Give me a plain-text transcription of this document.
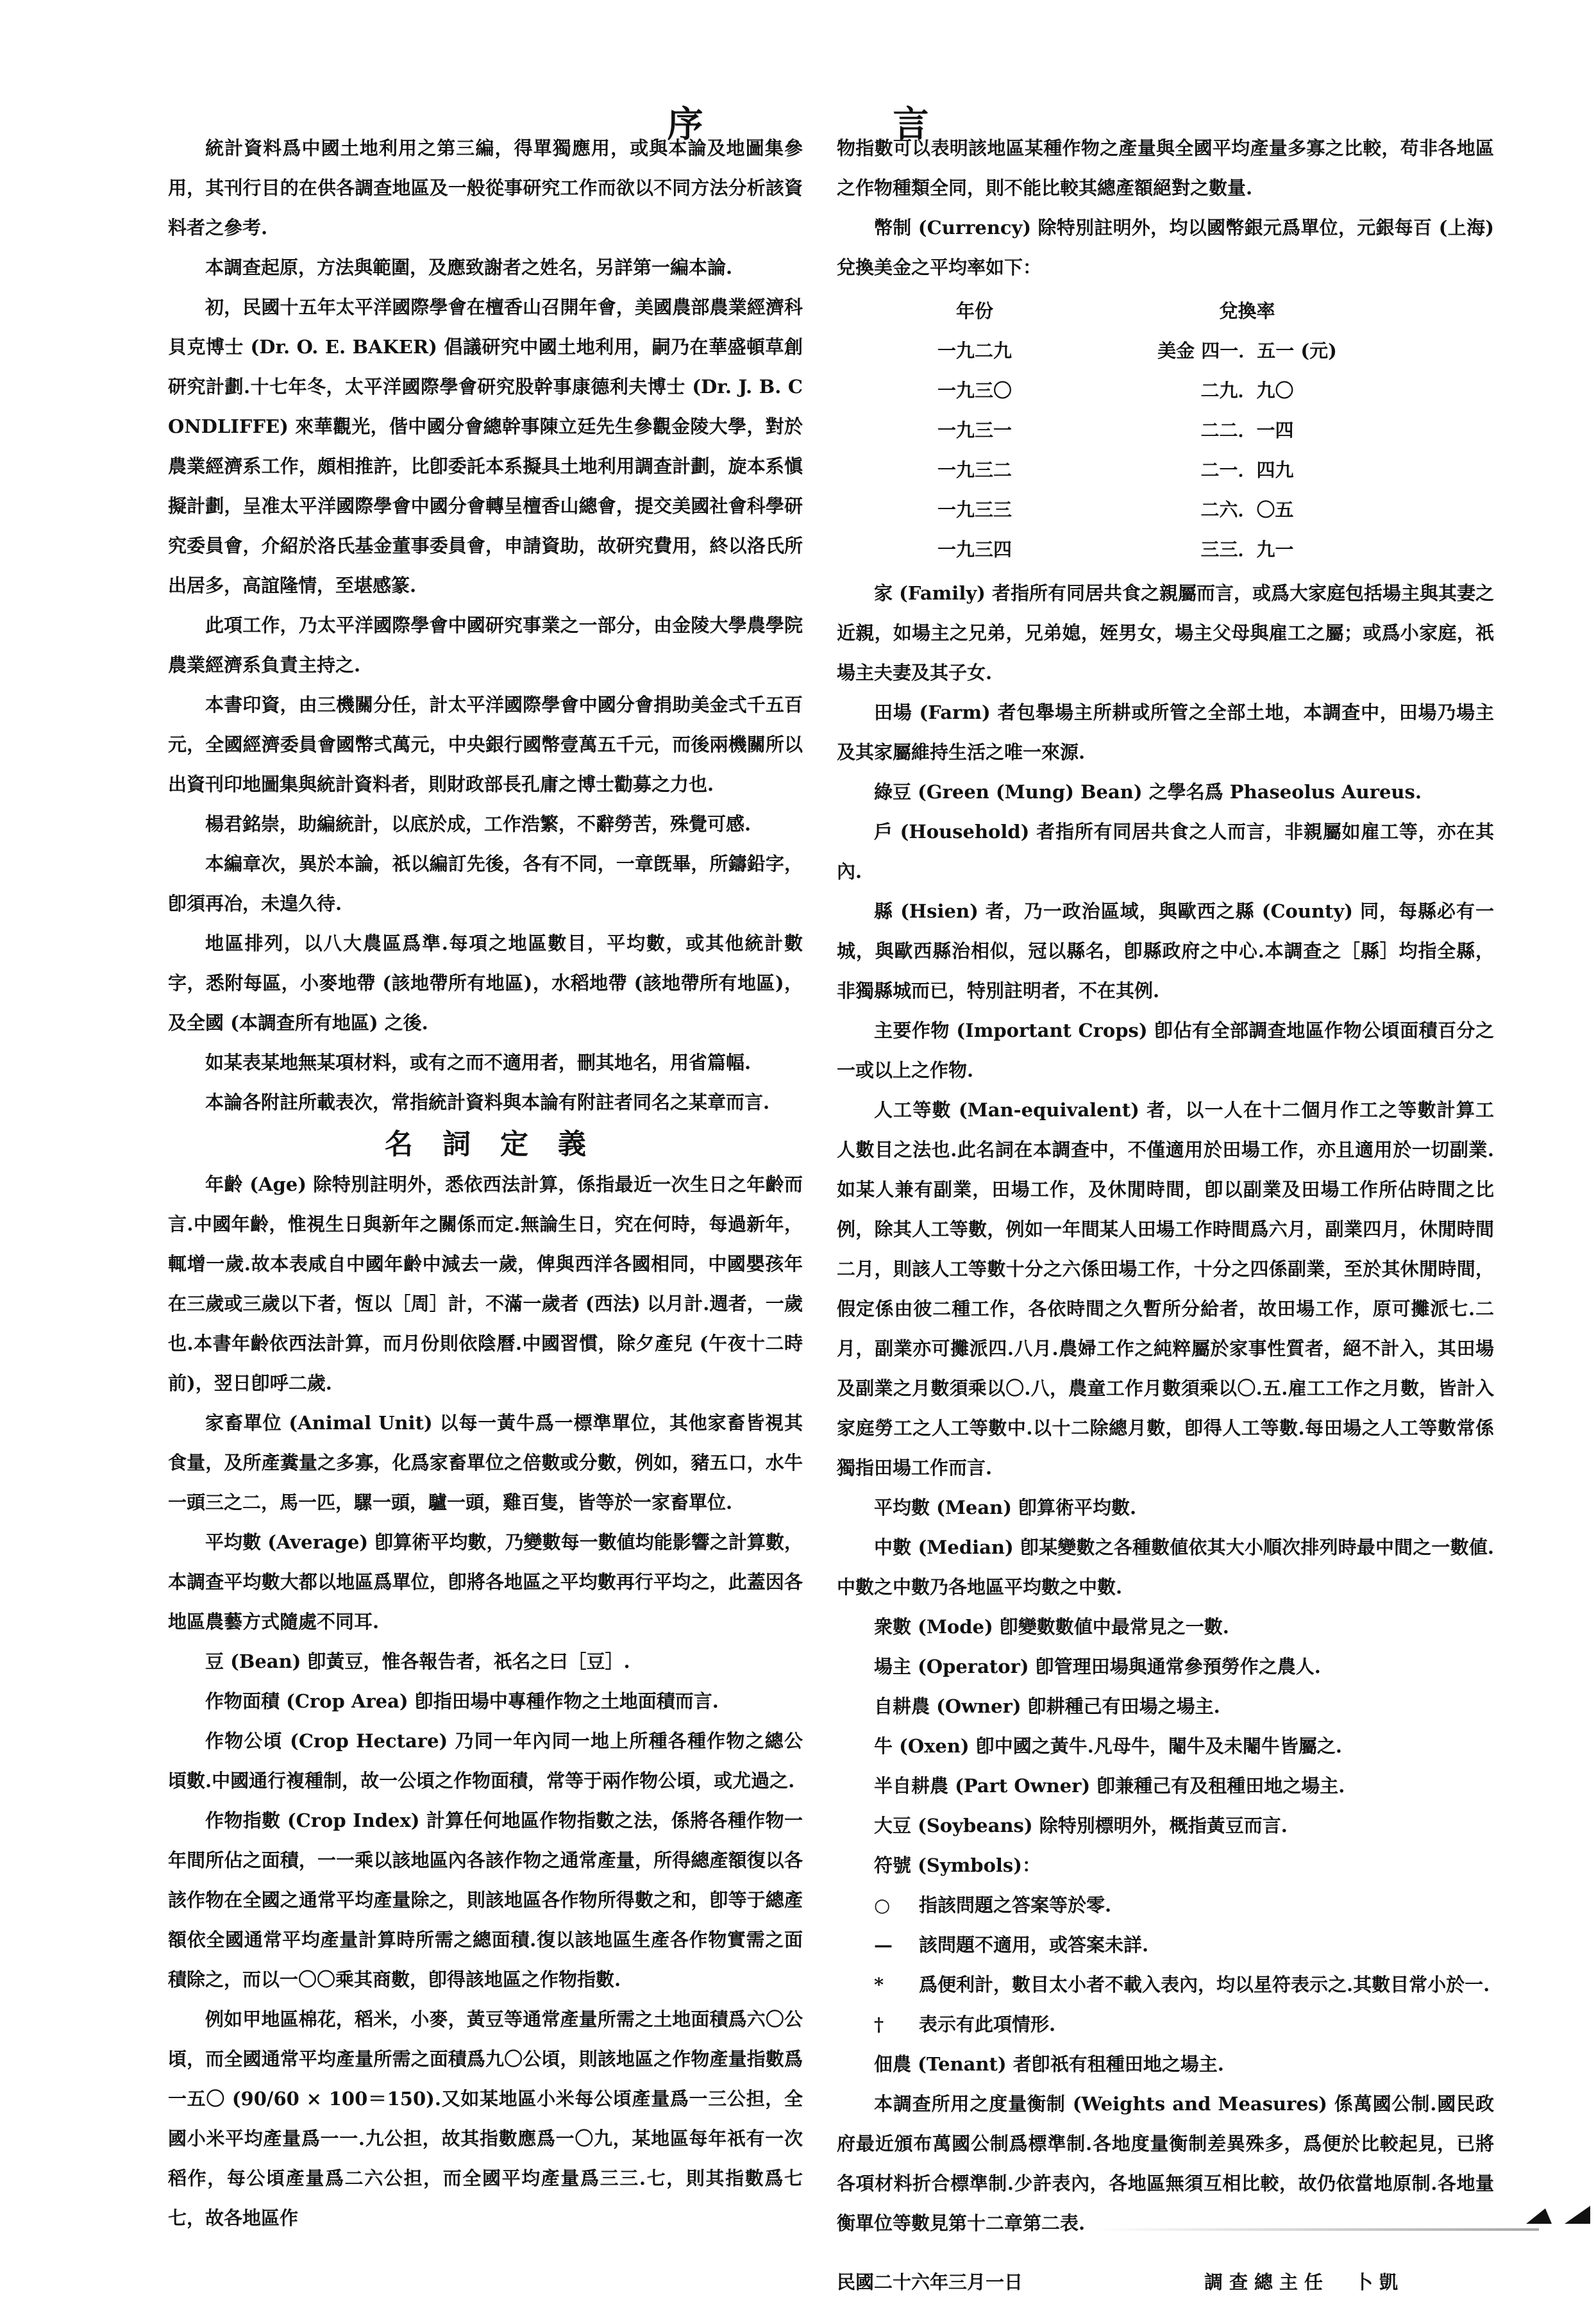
序　言

統計資料爲中國土地利用之第三編，得單獨應用，或與本論及地圖集參用，其刊行目的在供各調查地區及一般從事研究工作而欲以不同方法分析該資料者之參考.

本調查起原，方法與範圍，及應致謝者之姓名，另詳第一編本論.

初，民國十五年太平洋國際學會在檀香山召開年會，美國農部農業經濟科貝克博士 (Dr. O. E. BAKER) 倡議研究中國土地利用，嗣乃在華盛頓草創研究計劃.十七年冬，太平洋國際學會研究股幹事康德利夫博士 (Dr. J. B. CONDLIFFE) 來華觀光，偕中國分會總幹事陳立廷先生參觀金陵大學，對於農業經濟系工作，頗相推許，比卽委託本系擬具土地利用調查計劃，旋本系愼擬計劃，呈准太平洋國際學會中國分會轉呈檀香山總會，提交美國社會科學研究委員會，介紹於洛氏基金董事委員會，申請資助，故研究費用，終以洛氏所出居多，高誼隆情，至堪感篆.

此項工作，乃太平洋國際學會中國研究事業之一部分，由金陵大學農學院農業經濟系負責主持之.

本書印資，由三機關分任，計太平洋國際學會中國分會捐助美金弍千五百元，全國經濟委員會國幣弍萬元，中央銀行國幣壹萬五千元，而後兩機關所以出資刊印地圖集與統計資料者，則財政部長孔庸之博士勸募之力也.

楊君銘崇，助編統計，以底於成，工作浩繁，不辭勞苦，殊覺可感.

本編章次，異於本論，祇以編訂先後，各有不同，一章旣畢，所鑄鉛字，卽須再冶，未遑久待.

地區排列，以八大農區爲準.每項之地區數目，平均數，或其他統計數字，悉附每區，小麥地帶 (該地帶所有地區)，水稻地帶 (該地帶所有地區)，及全國 (本調查所有地區) 之後.

如某表某地無某項材料，或有之而不適用者，刪其地名，用省篇幅.

本論各附註所載表次，常指統計資料與本論有附註者同名之某章而言.

名詞定義

年齡 (Age) 除特別註明外，悉依西法計算，係指最近一次生日之年齡而言.中國年齡，惟視生日與新年之關係而定.無論生日，究在何時，每過新年，輒增一歲.故本表咸自中國年齡中減去一歲，俾與西洋各國相同，中國嬰孩年在三歲或三歲以下者，恆以［周］計，不滿一歲者 (西法) 以月計.週者，一歲也.本書年齡依西法計算，而月份則依陰曆.中國習慣，除夕產兒 (午夜十二時前)，翌日卽呼二歲.

家畜單位 (Animal Unit) 以每一黃牛爲一標準單位，其他家畜皆視其食量，及所產糞量之多寡，化爲家畜單位之倍數或分數，例如，豬五口，水牛一頭三之二，馬一匹，騾一頭，驢一頭，雞百隻，皆等於一家畜單位.

平均數 (Average) 卽算術平均數，乃變數每一數値均能影響之計算數，本調查平均數大都以地區爲單位，卽將各地區之平均數再行平均之，此蓋因各地區農藝方式隨處不同耳.

豆 (Bean) 卽黃豆，惟各報告者，祇名之曰［豆］.

作物面積 (Crop Area) 卽指田場中專種作物之土地面積而言.

作物公頃 (Crop Hectare) 乃同一年內同一地上所種各種作物之總公頃數.中國通行複種制，故一公頃之作物面積，常等于兩作物公頃，或尤過之.

作物指數 (Crop Index) 計算任何地區作物指數之法，係將各種作物一年間所佔之面積，一一乘以該地區內各該作物之通常產量，所得總產額復以各該作物在全國之通常平均產量除之，則該地區各作物所得數之和，卽等于總產額依全國通常平均產量計算時所需之總面積.復以該地區生產各作物實需之面積除之，而以一〇〇乘其商數，卽得該地區之作物指數.

例如甲地區棉花，稻米，小麥，黃豆等通常產量所需之土地面積爲六〇公頃，而全國通常平均產量所需之面積爲九〇公頃，則該地區之作物產量指數爲一五〇 (90/60 × 100＝150).又如某地區小米每公頃產量爲一三公担，全國小米平均產量爲一一.九公担，故其指數應爲一〇九，某地區每年祇有一次稻作，每公頃產量爲二六公担，而全國平均產量爲三三.七，則其指數爲七七，故各地區作

物指數可以表明該地區某種作物之產量與全國平均產量多寡之比較，苟非各地區之作物種類全同，則不能比較其總產額絕對之數量.

幣制 (Currency) 除特別註明外，均以國幣銀元爲單位，元銀每百 (上海) 兌換美金之平均率如下：

年份	兌換率	
一九二九	美金 四一．五一 (元)	
一九三〇	二九．九〇	
一九三一	二二．一四	
一九三二	二一．四九	
一九三三	二六．〇五	
一九三四	三三．九一	

家 (Family) 者指所有同居共食之親屬而言，或爲大家庭包括場主與其妻之近親，如場主之兄弟，兄弟媳，姪男女，場主父母與雇工之屬；或爲小家庭，祇場主夫妻及其子女.

田場 (Farm) 者包舉場主所耕或所管之全部土地，本調查中，田場乃場主及其家屬維持生活之唯一來源.

綠豆 (Green (Mung) Bean) 之學名爲 Phaseolus Aureus.

戶 (Household) 者指所有同居共食之人而言，非親屬如雇工等，亦在其內.

縣 (Hsien) 者，乃一政治區域，與歐西之縣 (County) 同，每縣必有一城，與歐西縣治相似，冠以縣名，卽縣政府之中心.本調查之［縣］均指全縣，非獨縣城而已，特別註明者，不在其例.

主要作物 (Important Crops) 卽佔有全部調查地區作物公頃面積百分之一或以上之作物.

人工等數 (Man-equivalent) 者，以一人在十二個月作工之等數計算工人數目之法也.此名詞在本調查中，不僅適用於田場工作，亦且適用於一切副業.如某人兼有副業，田場工作，及休閒時間，卽以副業及田場工作所佔時間之比例，除其人工等數，例如一年間某人田場工作時間爲六月，副業四月，休閒時間二月，則該人工等數十分之六係田場工作，十分之四係副業，至於其休閒時間，假定係由彼二種工作，各依時間之久暫所分給者，故田場工作，原可攤派七.二月，副業亦可攤派四.八月.農婦工作之純粹屬於家事性質者，絕不計入，其田場及副業之月數須乘以〇.八，農童工作月數須乘以〇.五.雇工工作之月數，皆計入家庭勞工之人工等數中.以十二除總月數，卽得人工等數.每田場之人工等數常係獨指田場工作而言.

平均數 (Mean) 卽算術平均數.

中數 (Median) 卽某變數之各種數値依其大小順次排列時最中間之一數値.中數之中數乃各地區平均數之中數.

衆數 (Mode) 卽變數數値中最常見之一數.

場主 (Operator) 卽管理田場與通常參預勞作之農人.

自耕農 (Owner) 卽耕種己有田場之場主.

牛 (Oxen) 卽中國之黃牛.凡母牛，閹牛及未閹牛皆屬之.

半自耕農 (Part Owner) 卽兼種己有及租種田地之場主.

大豆 (Soybeans) 除特別標明外，概指黃豆而言.

符號 (Symbols)：

○	指該問題之答案等於零.
—	該問題不適用，或答案未詳.
*	爲便利計，數目太小者不載入表內，均以星符表示之.其數目常小於一.
†	表示有此項情形.

佃農 (Tenant) 者卽祇有租種田地之場主.

本調查所用之度量衡制 (Weights and Measures) 係萬國公制.國民政府最近頒布萬國公制爲標準制.各地度量衡制差異殊多，爲便於比較起見，已將各項材料折合標準制.少許表內，各地區無須互相比較，故仍依當地原制.各地量衡單位等數見第十二章第二表.

民國二十六年三月一日	調查總主任　卜凱
